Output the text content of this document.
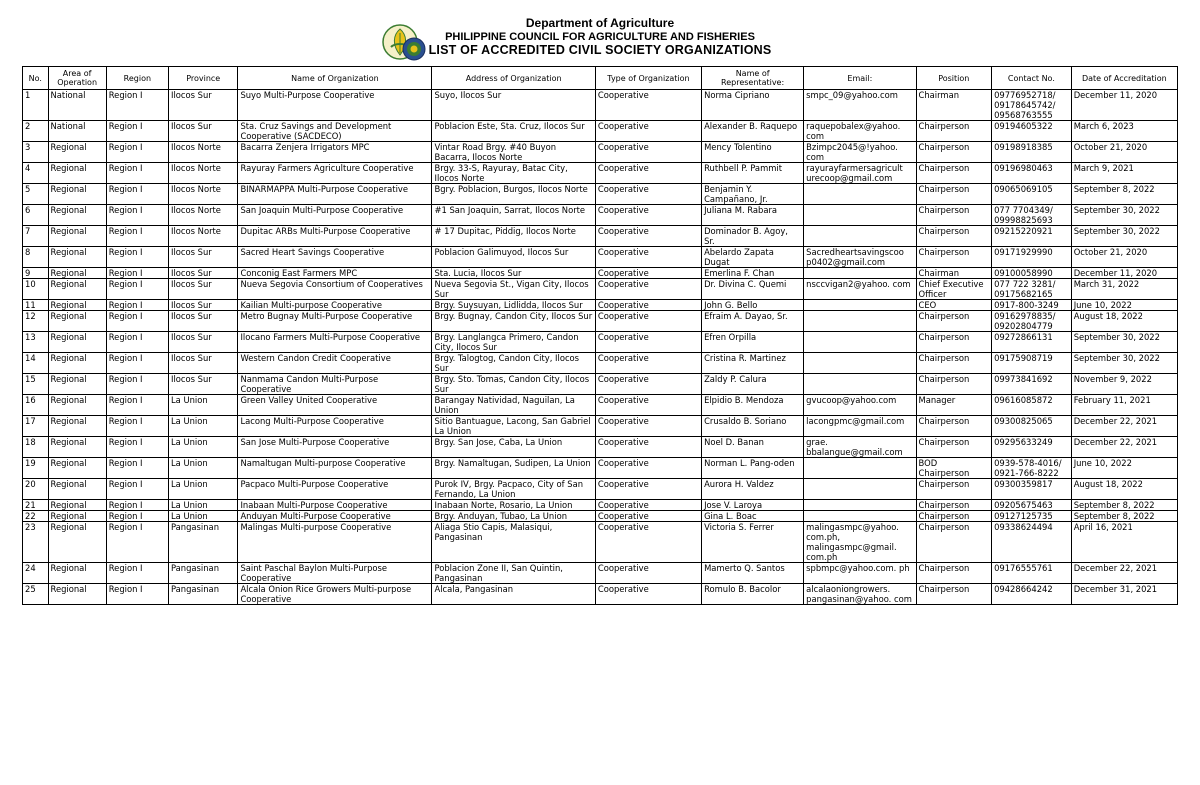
Department of Agriculture
PHILIPPINE COUNCIL FOR AGRICULTURE AND FISHERIES
LIST OF ACCREDITED CIVIL SOCIETY ORGANIZATIONS
No.	Area of Operation	Region	Province	Name of Organization	Address of Organization	Type of Organization	Name of Representative:	Email:	Position	Contact No.	Date of Accreditation
1	National	Region I	Ilocos Sur	Suyo Multi-Purpose Cooperative	Suyo, Ilocos Sur	Cooperative	Norma Cipriano	smpc_09@yahoo.com	Chairman	09776952718/ 09178645742/ 09568763555	December 11, 2020
2	National	Region I	Ilocos Sur	Sta. Cruz Savings and Development Cooperative (SACDECO)	Poblacion Este, Sta. Cruz, Ilocos Sur	Cooperative	Alexander B. Raquepo	raquepobalex@yahoo. com	Chairperson	09194605322	March 6, 2023
3	Regional	Region I	Ilocos Norte	Bacarra Zenjera Irrigators MPC	Vintar Road Brgy. #40 Buyon Bacarra, Ilocos Norte	Cooperative	Mency Tolentino	Bzimpc2045@!yahoo. com	Chairperson	09198918385	October 21, 2020
4	Regional	Region I	Ilocos Norte	Rayuray Farmers Agriculture Cooperative	Brgy. 33-S, Rayuray, Batac City, Ilocos Norte	Cooperative	Ruthbell P. Pammit	rayurayfarmersagricult urecoop@gmail.com	Chairperson	09196980463	March 9, 2021
5	Regional	Region I	Ilocos Norte	BINARMAPPA Multi-Purpose Cooperative	Bgry. Poblacion, Burgos, Ilocos Norte	Cooperative	Benjamin Y. Campañano, Jr.		Chairperson	09065069105	September 8, 2022
6	Regional	Region I	Ilocos Norte	San Joaquin Multi-Purpose Cooperative	#1 San Joaquin, Sarrat, Ilocos Norte	Cooperative	Juliana M. Rabara		Chairperson	077 7704349/ 09998825693	September 30, 2022
7	Regional	Region I	Ilocos Norte	Dupitac ARBs Multi-Purpose Cooperative	# 17 Dupitac, Piddig, Ilocos Norte	Cooperative	Dominador B. Agoy, Sr.		Chairperson	09215220921	September 30, 2022
8	Regional	Region I	Ilocos Sur	Sacred Heart Savings Cooperative	Poblacion Galimuyod, Ilocos Sur	Cooperative	Abelardo Zapata Dugat	Sacredheartsavingscoo p0402@gmail.com	Chairperson	09171929990	October 21, 2020
9	Regional	Region I	Ilocos Sur	Conconig East Farmers MPC	Sta. Lucia, Ilocos Sur	Cooperative	Emerlina F. Chan		Chairman	09100058990	December 11, 2020
10	Regional	Region I	Ilocos Sur	Nueva Segovia Consortium of Cooperatives	Nueva Segovia St., Vigan City, Ilocos Sur	Cooperative	Dr. Divina C. Quemi	nsccvigan2@yahoo. com	Chief Executive Officer	077 722 3281/ 09175682165	March 31, 2022
11	Regional	Region I	Ilocos Sur	Kailian Multi-purpose Cooperative	Brgy. Suysuyan, Lidlidda, Ilocos Sur	Cooperative	John G. Bello		CEO	0917-800-3249	June 10, 2022
12	Regional	Region I	Ilocos Sur	Metro Bugnay Multi-Purpose Cooperative	Brgy. Bugnay, Candon City, Ilocos Sur	Cooperative	Efraim A. Dayao, Sr.		Chairperson	09162978835/ 09202804779	August 18, 2022
13	Regional	Region I	Ilocos Sur	Ilocano Farmers Multi-Purpose Cooperative	Brgy. Langlangca Primero, Candon City, Ilocos Sur	Cooperative	Efren Orpilla		Chairperson	09272866131	September 30, 2022
14	Regional	Region I	Ilocos Sur	Western Candon Credit Cooperative	Brgy. Talogtog, Candon City, Ilocos Sur	Cooperative	Cristina R. Martinez		Chairperson	09175908719	September 30, 2022
15	Regional	Region I	Ilocos Sur	Nanmama Candon Multi-Purpose Cooperative	Brgy. Sto. Tomas, Candon City, Ilocos Sur	Cooperative	Zaldy P. Calura		Chairperson	09973841692	November 9, 2022
16	Regional	Region I	La Union	Green Valley United Cooperative	Barangay Natividad, Naguilan, La Union	Cooperative	Elpidio B. Mendoza	gvucoop@yahoo.com	Manager	09616085872	February 11, 2021
17	Regional	Region I	La Union	Lacong Multi-Purpose Cooperative	Sitio Bantuague, Lacong, San Gabriel La Union	Cooperative	Crusaldo B. Soriano	lacongpmc@gmail.com	Chairperson	09300825065	December 22, 2021
18	Regional	Region I	La Union	San Jose Multi-Purpose Cooperative	Brgy. San Jose, Caba, La Union	Cooperative	Noel D. Banan	grae. bbalangue@gmail.com	Chairperson	09295633249	December 22, 2021
19	Regional	Region I	La Union	Namaltugan Multi-purpose Cooperative	Brgy. Namaltugan, Sudipen, La Union	Cooperative	Norman L. Pang-oden		BOD Chairperson	0939-578-4016/ 0921-766-8222	June 10, 2022
20	Regional	Region I	La Union	Pacpaco Multi-Purpose Cooperative	Purok IV, Brgy. Pacpaco, City of San Fernando, La Union	Cooperative	Aurora H. Valdez		Chairperson	09300359817	August 18, 2022
21	Regional	Region I	La Union	Inabaan Multi-Purpose Cooperative	Inabaan Norte, Rosario, La Union	Cooperative	Jose V. Laroya		Chairperson	09205675463	September 8, 2022
22	Regional	Region I	La Union	Anduyan Multi-Purpose Cooperative	Brgy. Anduyan, Tubao, La Union	Cooperative	Gina L. Boac		Chairperson	09127125735	September 8, 2022
23	Regional	Region I	Pangasinan	Malingas Multi-purpose Cooperative	Aliaga Stio Capis, Malasiqui, Pangasinan	Cooperative	Victoria S. Ferrer	malingasmpc@yahoo. com.ph, malingasmpc@gmail. com.ph	Chairperson	09338624494	April 16, 2021
24	Regional	Region I	Pangasinan	Saint Paschal Baylon Multi-Purpose Cooperative	Poblacion Zone II, San Quintin, Pangasinan	Cooperative	Mamerto Q. Santos	spbmpc@yahoo.com. ph	Chairperson	09176555761	December 22, 2021
25	Regional	Region I	Pangasinan	Alcala Onion Rice Growers Multi-purpose Cooperative	Alcala, Pangasinan	Cooperative	Romulo B. Bacolor	alcalaoniongrowers. pangasinan@yahoo. com	Chairperson	09428664242	December 31, 2021
